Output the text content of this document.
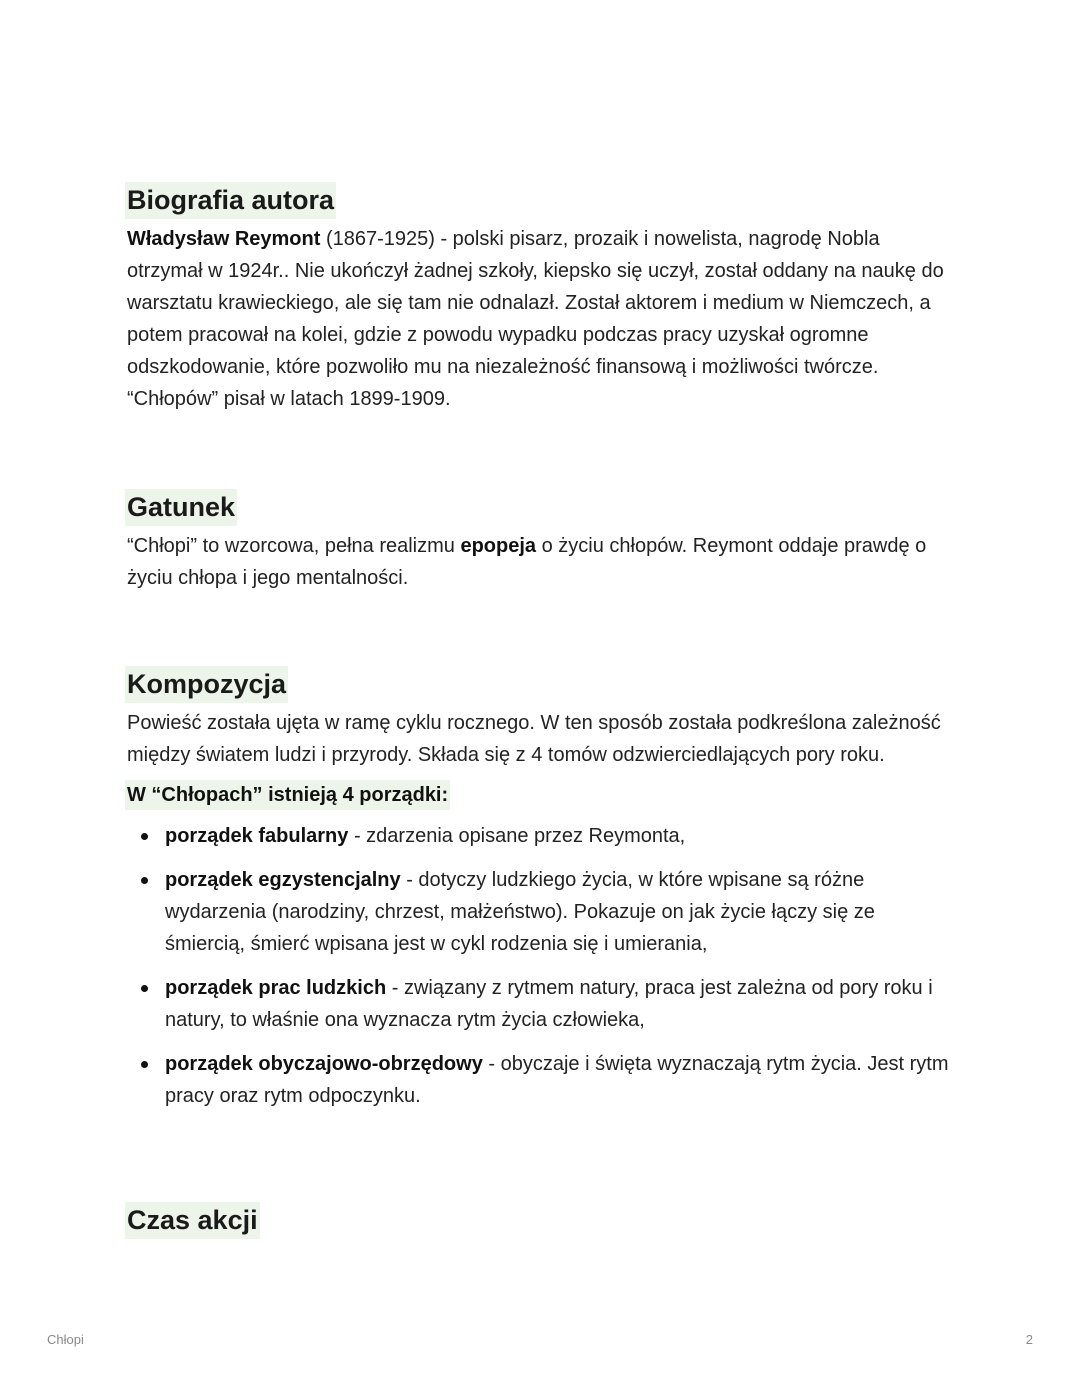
Biografia autora

Władysław Reymont (1867-1925) - polski pisarz, prozaik i nowelista, nagrodę Nobla otrzymał w 1924r.. Nie ukończył żadnej szkoły, kiepsko się uczył, został oddany na naukę do warsztatu krawieckiego, ale się tam nie odnalazł. Został aktorem i medium w Niemczech, a potem pracował na kolei, gdzie z powodu wypadku podczas pracy uzyskał ogromne odszkodowanie, które pozwoliło mu na niezależność finansową i możliwości twórcze. “Chłopów” pisał w latach 1899-1909.

Gatunek

“Chłopi” to wzorcowa, pełna realizmu epopeja o życiu chłopów. Reymont oddaje prawdę o życiu chłopa i jego mentalności.

Kompozycja

Powieść została ujęta w ramę cyklu rocznego. W ten sposób została podkreślona zależność między światem ludzi i przyrody. Składa się z 4 tomów odzwierciedlających pory roku.

W “Chłopach” istnieją 4 porządki:
porządek fabularny - zdarzenia opisane przez Reymonta,
porządek egzystencjalny - dotyczy ludzkiego życia, w które wpisane są różne wydarzenia (narodziny, chrzest, małżeństwo). Pokazuje on jak życie łączy się ze śmiercią, śmierć wpisana jest w cykl rodzenia się i umierania,
porządek prac ludzkich - związany z rytmem natury, praca jest zależna od pory roku i natury, to właśnie ona wyznacza rytm życia człowieka,
porządek obyczajowo-obrzędowy - obyczaje i święta wyznaczają rytm życia. Jest rytm pracy oraz rytm odpoczynku.
Czas akcji
Chłopi	2
